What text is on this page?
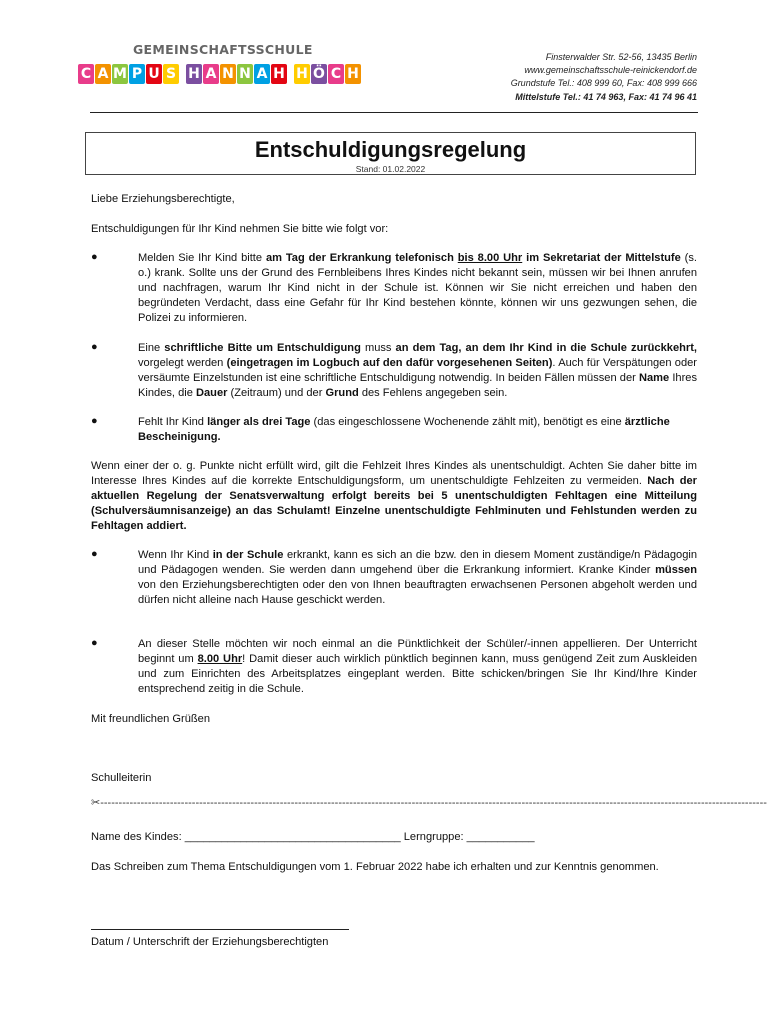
GEMEINSCHAFTSSCHULE
C A M P U S H A N N A H H Ö C H
Finsterwalder Str. 52-56, 13435 Berlin
www.gemeinschaftsschule-reinickendorf.de
Grundstufe Tel.: 408 999 60, Fax: 408 999 666
Mittelstufe Tel.: 41 74 963, Fax: 41 74 96 41
Entschuldigungsregelung
Stand: 01.02.2022
Liebe Erziehungsberechtigte,
Entschuldigungen für Ihr Kind nehmen Sie bitte wie folgt vor:
●	Melden Sie Ihr Kind bitte am Tag der Erkrankung telefonisch bis 8.00 Uhr im Sekretariat der Mittelstufe (s. o.) krank. Sollte uns der Grund des Fernbleibens Ihres Kindes nicht bekannt sein, müssen wir bei Ihnen anrufen und nachfragen, warum Ihr Kind nicht in der Schule ist. Können wir Sie nicht erreichen und haben den begründeten Verdacht, dass eine Gefahr für Ihr Kind bestehen könnte, können wir uns gezwungen sehen, die Polizei zu informieren.
●	Eine schriftliche Bitte um Entschuldigung muss an dem Tag, an dem Ihr Kind in die Schule zurückkehrt, vorgelegt werden (eingetragen im Logbuch auf den dafür vorgesehenen Seiten). Auch für Verspätungen oder versäumte Einzelstunden ist eine schriftliche Entschuldigung notwendig. In beiden Fällen müssen der Name Ihres Kindes, die Dauer (Zeitraum) und der Grund des Fehlens angegeben sein.
●	Fehlt Ihr Kind länger als drei Tage (das eingeschlossene Wochenende zählt mit), benötigt es eine ärztliche Bescheinigung.
Wenn einer der o. g. Punkte nicht erfüllt wird, gilt die Fehlzeit Ihres Kindes als unentschuldigt. Achten Sie daher bitte im Interesse Ihres Kindes auf die korrekte Entschuldigungsform, um unentschuldigte Fehlzeiten zu vermeiden. Nach der aktuellen Regelung der Senatsverwaltung erfolgt bereits bei 5 unentschuldigten Fehltagen eine Mitteilung (Schulversäumnisanzeige) an das Schulamt! Einzelne unentschuldigte Fehlminuten und Fehlstunden werden zu Fehltagen addiert.
●	Wenn Ihr Kind in der Schule erkrankt, kann es sich an die bzw. den in diesem Moment zuständige/n Pädagogin und Pädagogen wenden. Sie werden dann umgehend über die Erkrankung informiert. Kranke Kinder müssen von den Erziehungsberechtigten oder den von Ihnen beauftragten erwachsenen Personen abgeholt werden und dürfen nicht alleine nach Hause geschickt werden.
●	An dieser Stelle möchten wir noch einmal an die Pünktlichkeit der Schüler/-innen appellieren. Der Unterricht beginnt um 8.00 Uhr! Damit dieser auch wirklich pünktlich beginnen kann, muss genügend Zeit zum Auskleiden und zum Einrichten des Arbeitsplatzes eingeplant werden. Bitte schicken/bringen Sie Ihr Kind/Ihre Kinder entsprechend zeitig in die Schule.
Mit freundlichen Grüßen
Schulleiterin
✂--------------------------------------------------------------------------------------------------------------------------------------------------------------------------------------
Name des Kindes: ___________________________________ Lerngruppe: ___________
Das Schreiben zum Thema Entschuldigungen vom 1. Februar 2022 habe ich erhalten und zur Kenntnis genommen.
Datum / Unterschrift der Erziehungsberechtigten
